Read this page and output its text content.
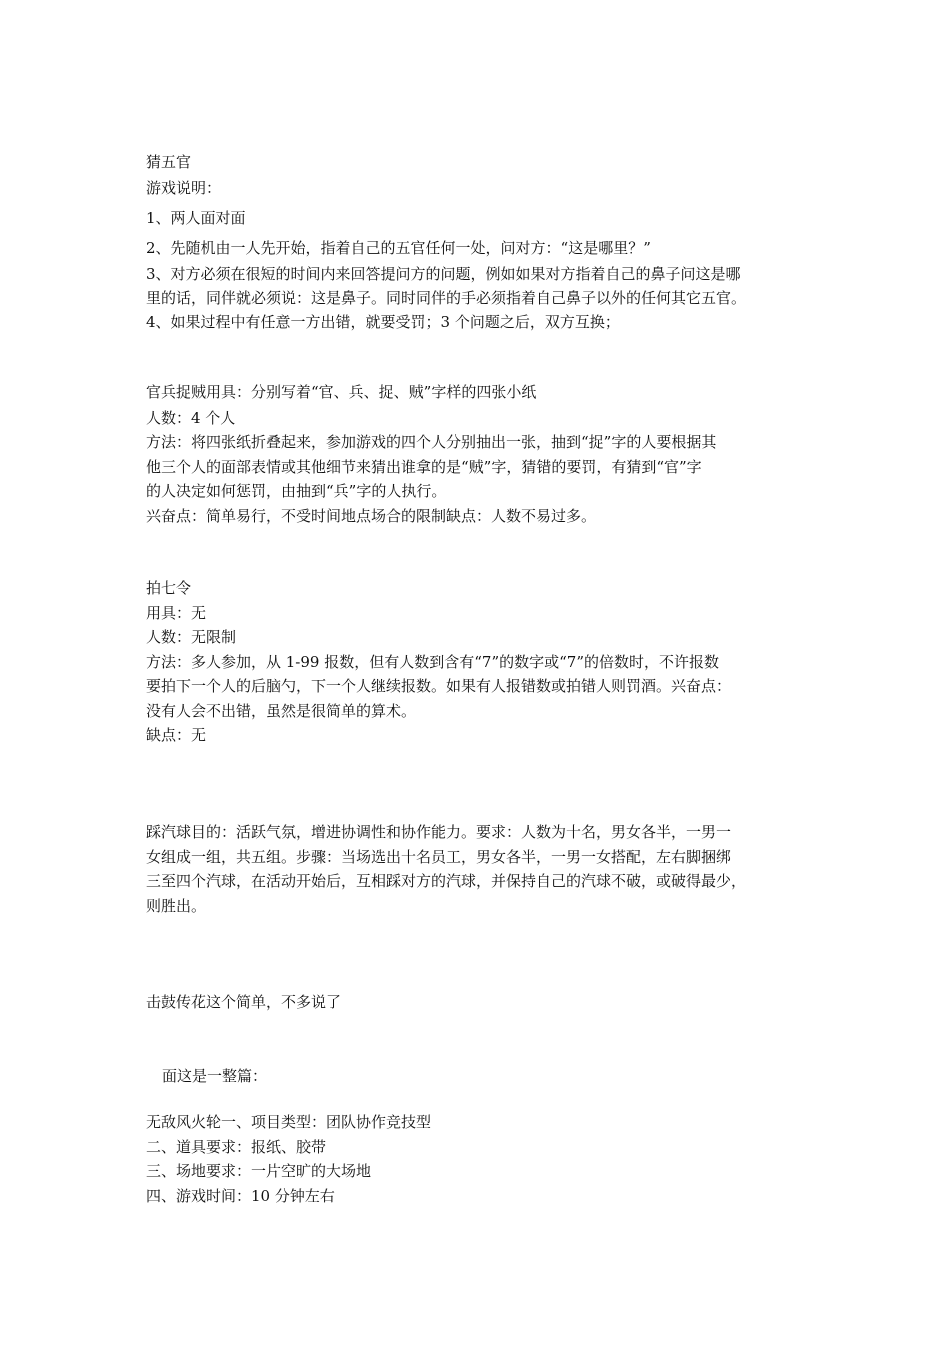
猜五官
游戏说明：
1、两人面对面
2、先随机由一人先开始，指着自己的五官任何一处，问对方：“这是哪里？”
3、对方必须在很短的时间内来回答提问方的问题，例如如果对方指着自己的鼻子问这是哪
里的话，同伴就必须说：这是鼻子。同时同伴的手必须指着自己鼻子以外的任何其它五官。
4、如果过程中有任意一方出错，就要受罚；3 个问题之后，双方互换；
官兵捉贼用具：分别写着“官、兵、捉、贼”字样的四张小纸
人数：4 个人
方法：将四张纸折叠起来，参加游戏的四个人分别抽出一张，抽到“捉”字的人要根据其
他三个人的面部表情或其他细节来猜出谁拿的是“贼”字，猜错的要罚，有猜到“官”字
的人决定如何惩罚，由抽到“兵”字的人执行。
兴奋点：简单易行，不受时间地点场合的限制缺点：人数不易过多。
拍七令
用具：无
人数：无限制
方法：多人参加，从 1-99 报数，但有人数到含有“7”的数字或“7”的倍数时，不许报数
要拍下一个人的后脑勺，下一个人继续报数。如果有人报错数或拍错人则罚酒。兴奋点：
没有人会不出错，虽然是很简单的算术。
缺点：无
踩汽球目的：活跃气氛，增进协调性和协作能力。要求：人数为十名，男女各半，一男一
女组成一组，共五组。步骤：当场选出十名员工，男女各半，一男一女搭配，左右脚捆绑
三至四个汽球，在活动开始后，互相踩对方的汽球，并保持自己的汽球不破，或破得最少，
则胜出。
击鼓传花这个简单，不多说了
面这是一整篇：
无敌风火轮一、项目类型：团队协作竞技型
二、道具要求：报纸、胶带
三、场地要求：一片空旷的大场地
四、游戏时间：10 分钟左右
